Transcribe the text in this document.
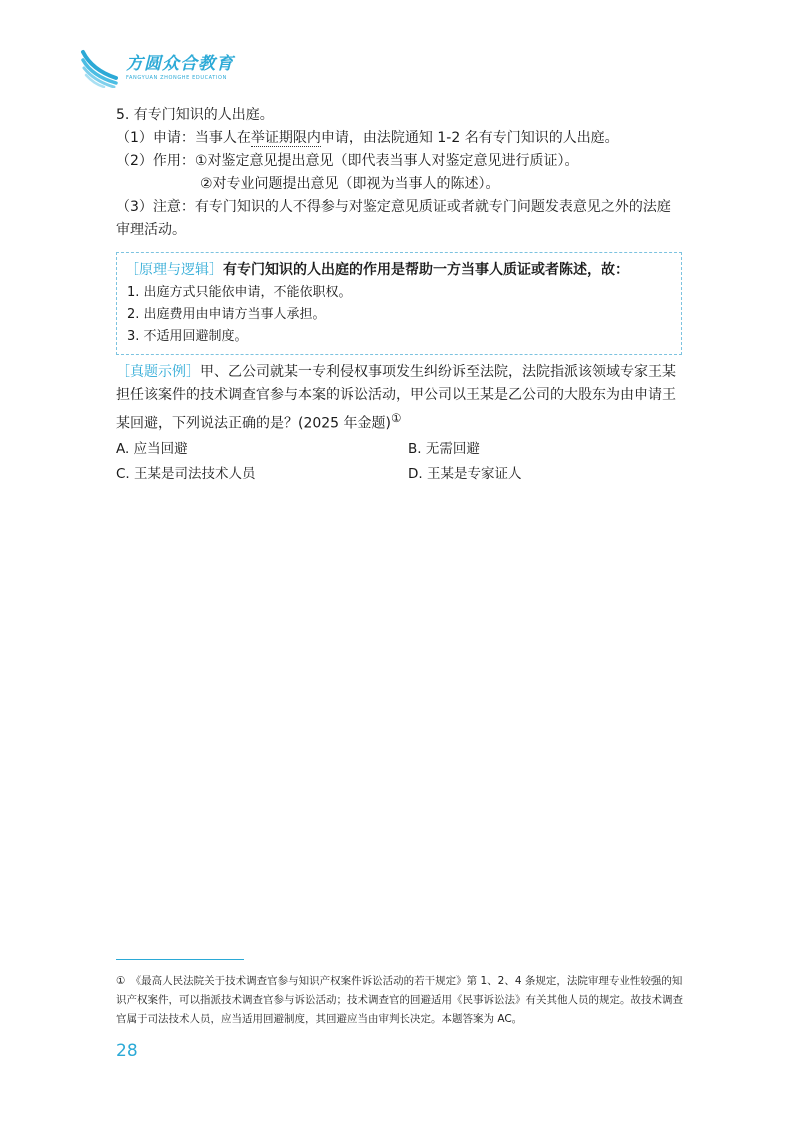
方圆众合教育
FANGYUAN ZHONGHE EDUCATION
5. 有专门知识的人出庭。
（1）申请：当事人在举证期限内申请，由法院通知 1-2 名有专门知识的人出庭。
（2）作用：①对鉴定意见提出意见（即代表当事人对鉴定意见进行质证）。
②对专业问题提出意见（即视为当事人的陈述）。
（3）注意：有专门知识的人不得参与对鉴定意见质证或者就专门问题发表意见之外的法庭审理活动。
［原理与逻辑］有专门知识的人出庭的作用是帮助一方当事人质证或者陈述，故：
1. 出庭方式只能依申请，不能依职权。
2. 出庭费用由申请方当事人承担。
3. 不适用回避制度。
［真题示例］甲、乙公司就某一专利侵权事项发生纠纷诉至法院，法院指派该领域专家王某担任该案件的技术调查官参与本案的诉讼活动，甲公司以王某是乙公司的大股东为由申请王某回避，下列说法正确的是？(2025 年金题)①
A. 应当回避	B. 无需回避
C. 王某是司法技术人员	D. 王某是专家证人
①　《最高人民法院关于技术调查官参与知识产权案件诉讼活动的若干规定》第 1、2、4 条规定，法院审理专业性较强的知识产权案件，可以指派技术调查官参与诉讼活动；技术调查官的回避适用《民事诉讼法》有关其他人员的规定。故技术调查官属于司法技术人员，应当适用回避制度，其回避应当由审判长决定。本题答案为 AC。
28
